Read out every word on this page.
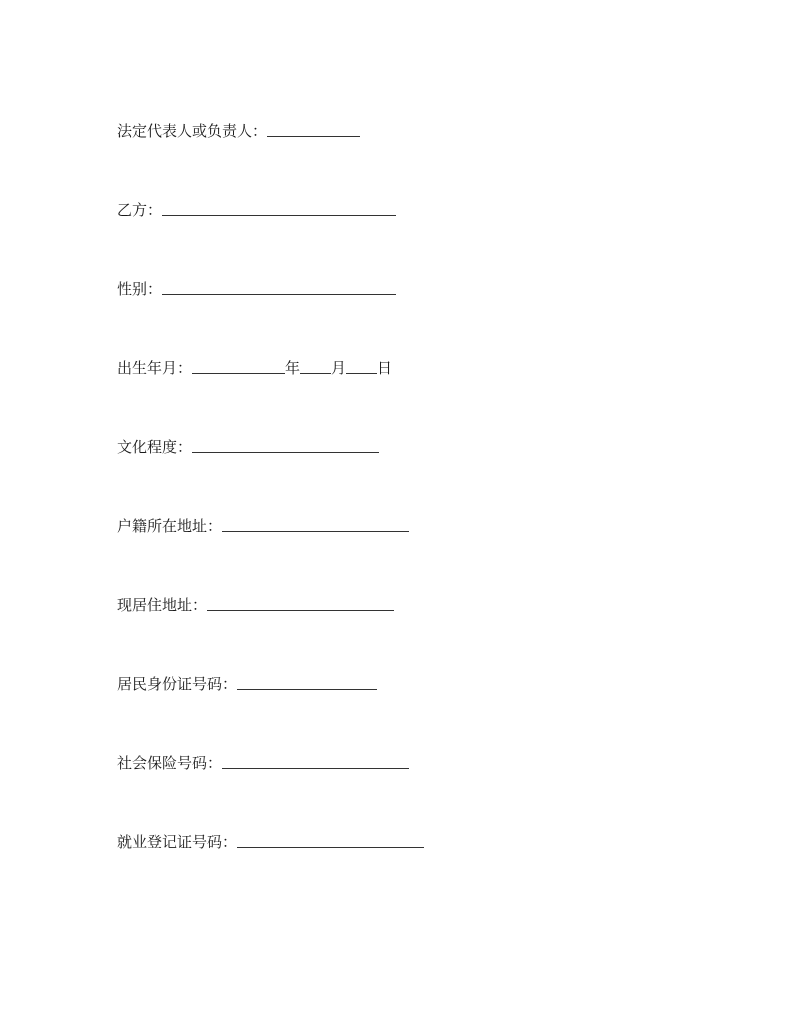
法定代表人或负责人：
乙方：
性别：
出生年月：	年 月 日
文化程度：
户籍所在地址：
现居住地址：
居民身份证号码：
社会保险号码：
就业登记证号码：
